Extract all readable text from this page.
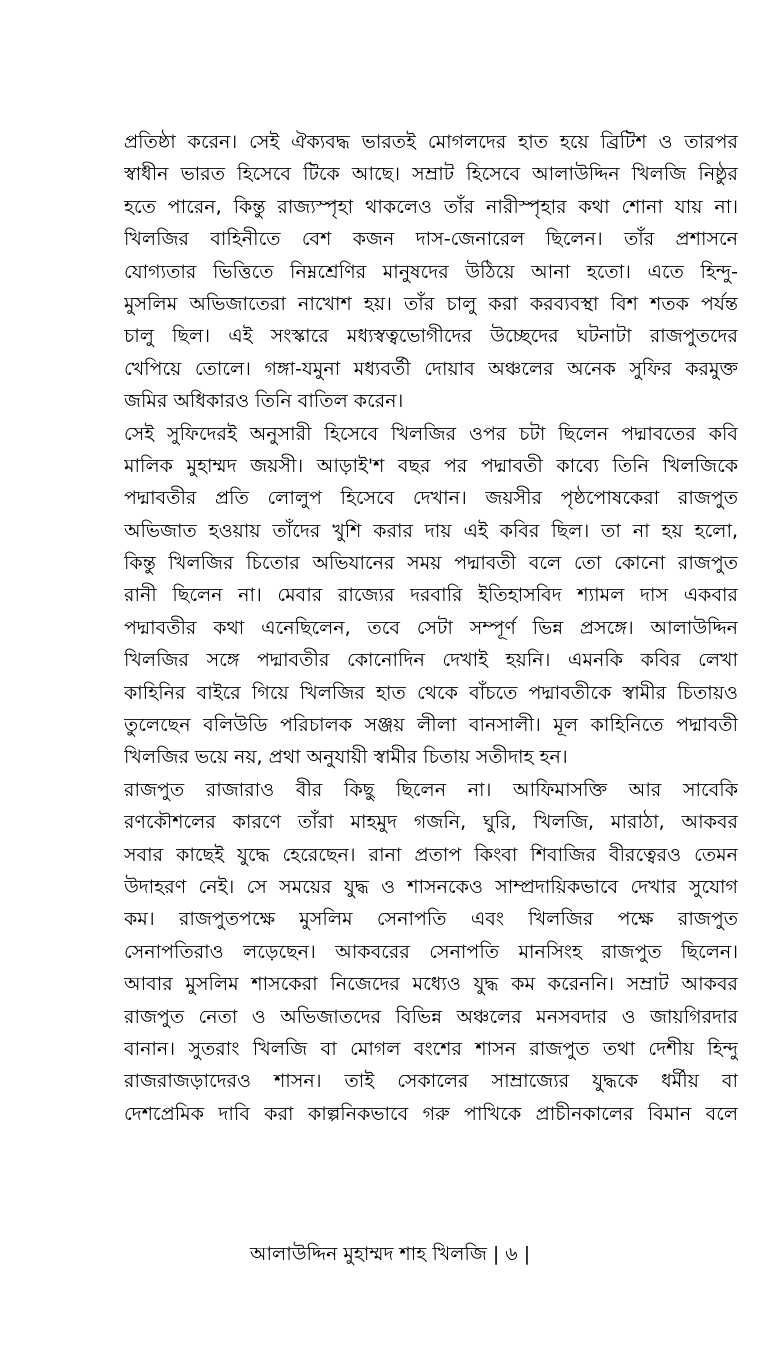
প্রতিষ্ঠা করেন। সেই ঐক্যবদ্ধ ভারতই মোগলদের হাত হয়ে ব্রিটিশ ও তারপর
স্বাধীন ভারত হিসেবে টিকে আছে। সম্রাট হিসেবে আলাউদ্দিন খিলজি নিষ্ঠুর
হতে পারেন, কিন্তু রাজ্যস্পৃহা থাকলেও তাঁর নারীস্পৃহার কথা শোনা যায় না।
খিলজির বাহিনীতে বেশ কজন দাস-জেনারেল ছিলেন। তাঁর প্রশাসনে
যোগ্যতার ভিত্তিতে নিম্নশ্রেণির মানুষদের উঠিয়ে আনা হতো। এতে হিন্দু-
মুসলিম অভিজাতেরা নাখোশ হয়। তাঁর চালু করা করব্যবস্থা বিশ শতক পর্যন্ত
চালু ছিল। এই সংস্কারে মধ্যস্বত্বভোগীদের উচ্ছেদের ঘটনাটা রাজপুতদের
খেপিয়ে তোলে। গঙ্গা-যমুনা মধ্যবর্তী দোয়াব অঞ্চলের অনেক সুফির করমুক্ত
জমির অধিকারও তিনি বাতিল করেন।
সেই সুফিদেরই অনুসারী হিসেবে খিলজির ওপর চটা ছিলেন পদ্মাবতের কবি
মালিক মুহাম্মদ জয়সী। আড়াই'শ বছর পর পদ্মাবতী কাব্যে তিনি খিলজিকে
পদ্মাবতীর প্রতি লোলুপ হিসেবে দেখান। জয়সীর পৃষ্ঠপোষকেরা রাজপুত
অভিজাত হওয়ায় তাঁদের খুশি করার দায় এই কবির ছিল। তা না হয় হলো,
কিন্তু খিলজির চিতোর অভিযানের সময় পদ্মাবতী বলে তো কোনো রাজপুত
রানী ছিলেন না। মেবার রাজ্যের দরবারি ইতিহাসবিদ শ্যামল দাস একবার
পদ্মাবতীর কথা এনেছিলেন, তবে সেটা সম্পূর্ণ ভিন্ন প্রসঙ্গে। আলাউদ্দিন
খিলজির সঙ্গে পদ্মাবতীর কোনোদিন দেখাই হয়নি। এমনকি কবির লেখা
কাহিনির বাইরে গিয়ে খিলজির হাত থেকে বাঁচতে পদ্মাবতীকে স্বামীর চিতায়ও
তুলেছেন বলিউডি পরিচালক সঞ্জয় লীলা বানসালী। মূল কাহিনিতে পদ্মাবতী
খিলজির ভয়ে নয়, প্রথা অনুযায়ী স্বামীর চিতায় সতীদাহ হন।
রাজপুত রাজারাও বীর কিছু ছিলেন না। আফিমাসক্তি আর সাবেকি
রণকৌশলের কারণে তাঁরা মাহমুদ গজনি, ঘুরি, খিলজি, মারাঠা, আকবর
সবার কাছেই যুদ্ধে হেরেছেন। রানা প্রতাপ কিংবা শিবাজির বীরত্বেরও তেমন
উদাহরণ নেই। সে সময়ের যুদ্ধ ও শাসনকেও সাম্প্রদায়িকভাবে দেখার সুযোগ
কম। রাজপুতপক্ষে মুসলিম সেনাপতি এবং খিলজির পক্ষে রাজপুত
সেনাপতিরাও লড়েছেন। আকবরের সেনাপতি মানসিংহ রাজপুত ছিলেন।
আবার মুসলিম শাসকেরা নিজেদের মধ্যেও যুদ্ধ কম করেননি। সম্রাট আকবর
রাজপুত নেতা ও অভিজাতদের বিভিন্ন অঞ্চলের মনসবদার ও জায়গিরদার
বানান। সুতরাং খিলজি বা মোগল বংশের শাসন রাজপুত তথা দেশীয় হিন্দু
রাজরাজড়াদেরও শাসন। তাই সেকালের সাম্রাজ্যের যুদ্ধকে ধর্মীয় বা
দেশপ্রেমিক দাবি করা কাল্পনিকভাবে গরু পাখিকে প্রাচীনকালের বিমান বলে
আলাউদ্দিন মুহাম্মদ শাহ খিলজি | ৬ |
